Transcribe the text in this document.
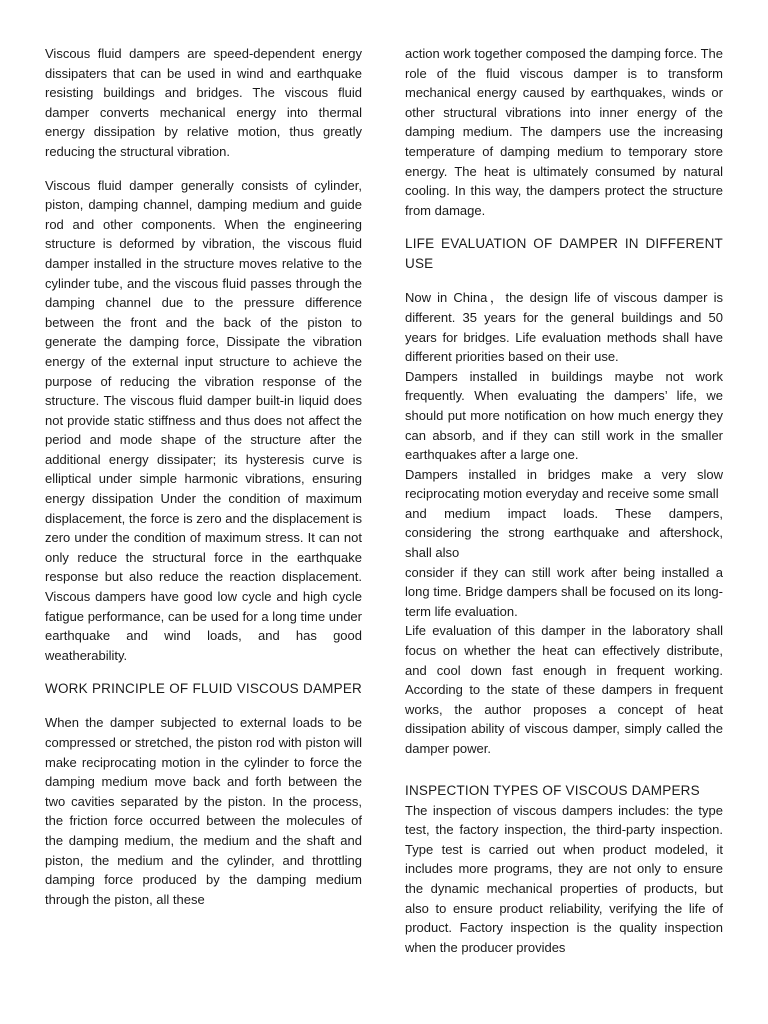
Viscous fluid dampers are speed-dependent energy dissipaters that can be used in wind and earthquake resisting buildings and bridges. The viscous fluid damper converts mechanical energy into thermal energy dissipation by relative motion, thus greatly reducing the structural vibration.

Viscous fluid damper generally consists of cylinder, piston, damping channel, damping medium and guide rod and other components. When the engineering structure is deformed by vibration, the viscous fluid damper installed in the structure moves relative to the cylinder tube, and the viscous fluid passes through the damping channel due to the pressure difference between the front and the back of the piston to generate the damping force, Dissipate the vibration energy of the external input structure to achieve the purpose of reducing the vibration response of the structure. The viscous fluid damper built-in liquid does not provide static stiffness and thus does not affect the period and mode shape of the structure after the additional energy dissipater; its hysteresis curve is elliptical under simple harmonic vibrations, ensuring energy dissipation Under the condition of maximum displacement, the force is zero and the displacement is zero under the condition of maximum stress. It can not only reduce the structural force in the earthquake response but also reduce the reaction displacement. Viscous dampers have good low cycle and high cycle fatigue performance, can be used for a long time under earthquake and wind loads, and has good weatherability.

WORK PRINCIPLE OF FLUID VISCOUS DAMPER

When the damper subjected to external loads to be compressed or stretched, the piston rod with piston will make reciprocating motion in the cylinder to force the damping medium move back and forth between the two cavities separated by the piston. In the process, the friction force occurred between the molecules of the damping medium, the medium and the shaft and piston, the medium and the cylinder, and throttling damping force produced by the damping medium through the piston, all these

action work together composed the damping force. The role of the fluid viscous damper is to transform mechanical energy caused by earthquakes, winds or other structural vibrations into inner energy of the damping medium. The dampers use the increasing temperature of damping medium to temporary store energy. The heat is ultimately consumed by natural cooling. In this way, the dampers protect the structure from damage.

LIFE EVALUATION OF DAMPER IN DIFFERENT USE

Now in China，the design life of viscous damper is different. 35 years for the general buildings and 50 years for bridges. Life evaluation methods shall have different priorities based on their use.

Dampers installed in buildings maybe not work frequently. When evaluating the dampers’ life, we should put more notification on how much energy they can absorb, and if they can still work in the smaller earthquakes after a large one.

Dampers installed in bridges make a very slow reciprocating motion everyday and receive some small

and medium impact loads. These dampers, considering the strong earthquake and aftershock, shall also

consider if they can still work after being installed a long time. Bridge dampers shall be focused on its long-term life evaluation.

Life evaluation of this damper in the laboratory shall focus on whether the heat can effectively distribute, and cool down fast enough in frequent working. According to the state of these dampers in frequent works, the author proposes a concept of heat dissipation ability of viscous damper, simply called the damper power.

INSPECTION TYPES OF VISCOUS DAMPERS

The inspection of viscous dampers includes: the type test, the factory inspection, the third-party inspection. Type test is carried out when product modeled, it includes more programs, they are not only to ensure the dynamic mechanical properties of products, but also to ensure product reliability, verifying the life of product. Factory inspection is the quality inspection when the producer provides
